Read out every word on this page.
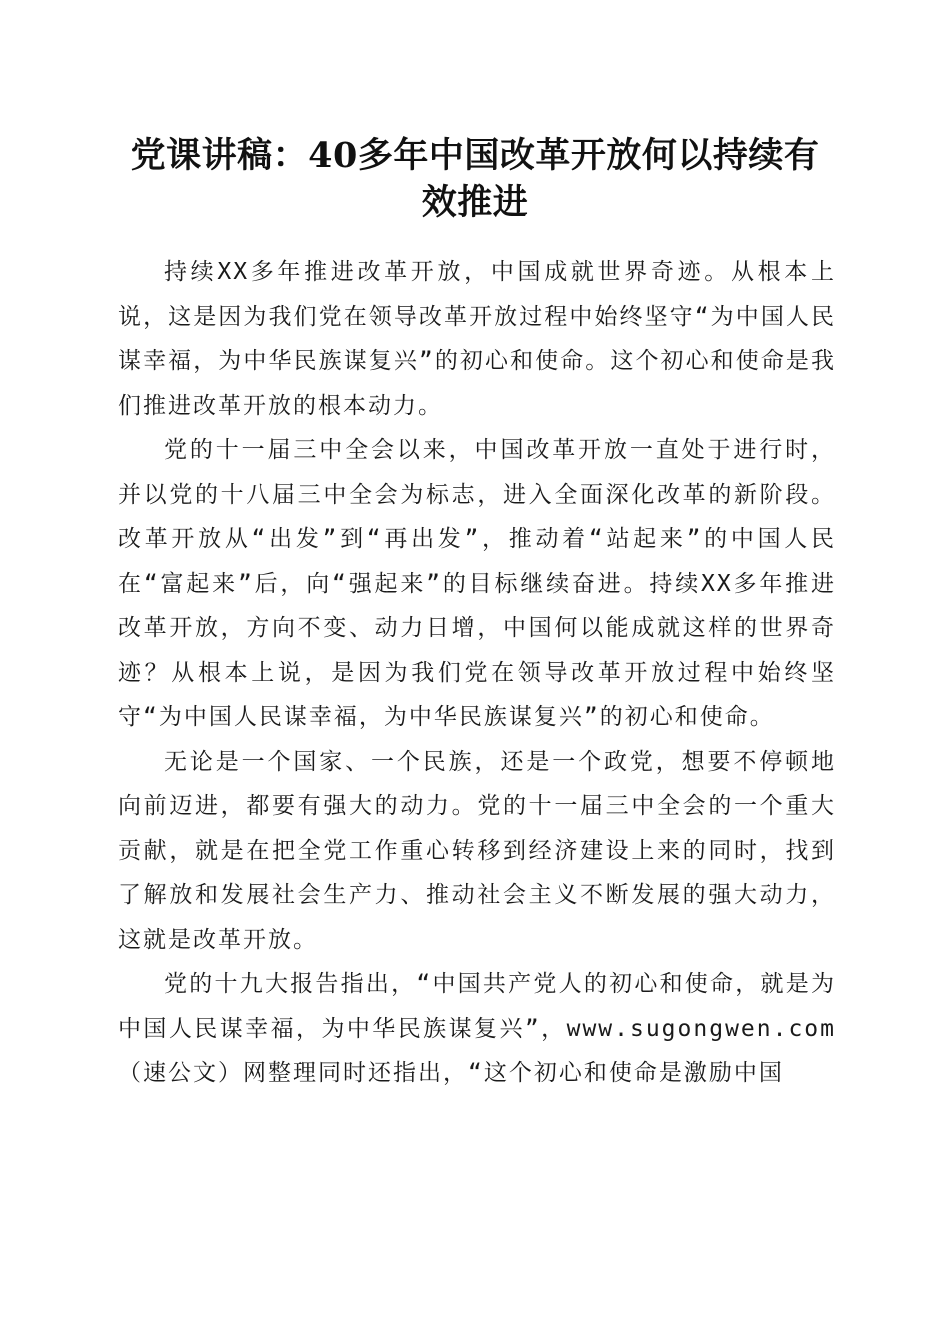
党课讲稿：40多年中国改革开放何以持续有效推进

持续XX多年推进改革开放，中国成就世界奇迹。从根本上说，这是因为我们党在领导改革开放过程中始终坚守“为中国人民谋幸福，为中华民族谋复兴”的初心和使命。这个初心和使命是我们推进改革开放的根本动力。

党的十一届三中全会以来，中国改革开放一直处于进行时，并以党的十八届三中全会为标志，进入全面深化改革的新阶段。改革开放从“出发”到“再出发”，推动着“站起来”的中国人民在“富起来”后，向“强起来”的目标继续奋进。持续XX多年推进改革开放，方向不变、动力日增，中国何以能成就这样的世界奇迹？从根本上说，是因为我们党在领导改革开放过程中始终坚守“为中国人民谋幸福，为中华民族谋复兴”的初心和使命。

无论是一个国家、一个民族，还是一个政党，想要不停顿地向前迈进，都要有强大的动力。党的十一届三中全会的一个重大贡献，就是在把全党工作重心转移到经济建设上来的同时，找到了解放和发展社会生产力、推动社会主义不断发展的强大动力，这就是改革开放。

党的十九大报告指出，“中国共产党人的初心和使命，就是为中国人民谋幸福，为中华民族谋复兴”，www.sugongwen.com（速公文）网整理同时还指出，“这个初心和使命是激励中国
